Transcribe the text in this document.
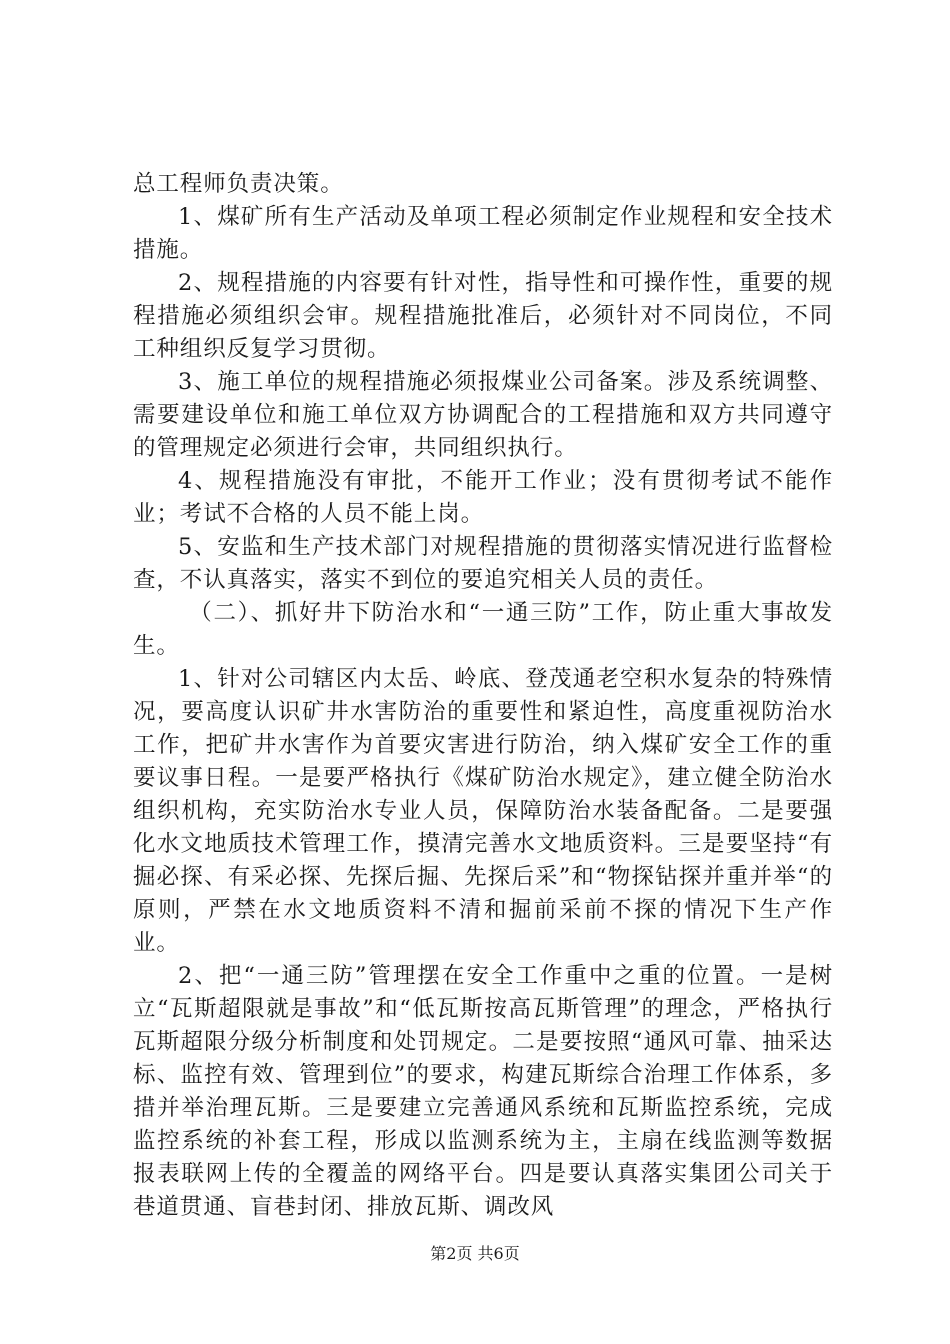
总工程师负责决策。

1、煤矿所有生产活动及单项工程必须制定作业规程和安全技术措施。

2、规程措施的内容要有针对性，指导性和可操作性，重要的规程措施必须组织会审。规程措施批准后，必须针对不同岗位，不同工种组织反复学习贯彻。

3、施工单位的规程措施必须报煤业公司备案。涉及系统调整、需要建设单位和施工单位双方协调配合的工程措施和双方共同遵守的管理规定必须进行会审，共同组织执行。

4、规程措施没有审批，不能开工作业；没有贯彻考试不能作业；考试不合格的人员不能上岗。

5、安监和生产技术部门对规程措施的贯彻落实情况进行监督检查，不认真落实，落实不到位的要追究相关人员的责任。

（二）、抓好井下防治水和“一通三防”工作，防止重大事故发生。

1、针对公司辖区内太岳、岭底、登茂通老空积水复杂的特殊情况，要高度认识矿井水害防治的重要性和紧迫性，高度重视防治水工作，把矿井水害作为首要灾害进行防治，纳入煤矿安全工作的重要议事日程。一是要严格执行《煤矿防治水规定》，建立健全防治水组织机构，充实防治水专业人员，保障防治水装备配备。二是要强化水文地质技术管理工作，摸清完善水文地质资料。三是要坚持“有掘必探、有采必探、先探后掘、先探后采”和“物探钻探并重并举“的原则，严禁在水文地质资料不清和掘前采前不探的情况下生产作业。

2、把“一通三防”管理摆在安全工作重中之重的位置。一是树立“瓦斯超限就是事故”和“低瓦斯按高瓦斯管理”的理念，严格执行瓦斯超限分级分析制度和处罚规定。二是要按照“通风可靠、抽采达标、监控有效、管理到位”的要求，构建瓦斯综合治理工作体系，多措并举治理瓦斯。三是要建立完善通风系统和瓦斯监控系统，完成监控系统的补套工程，形成以监测系统为主，主扇在线监测等数据报表联网上传的全覆盖的网络平台。四是要认真落实集团公司关于巷道贯通、盲巷封闭、排放瓦斯、调改风

第2页 共6页
